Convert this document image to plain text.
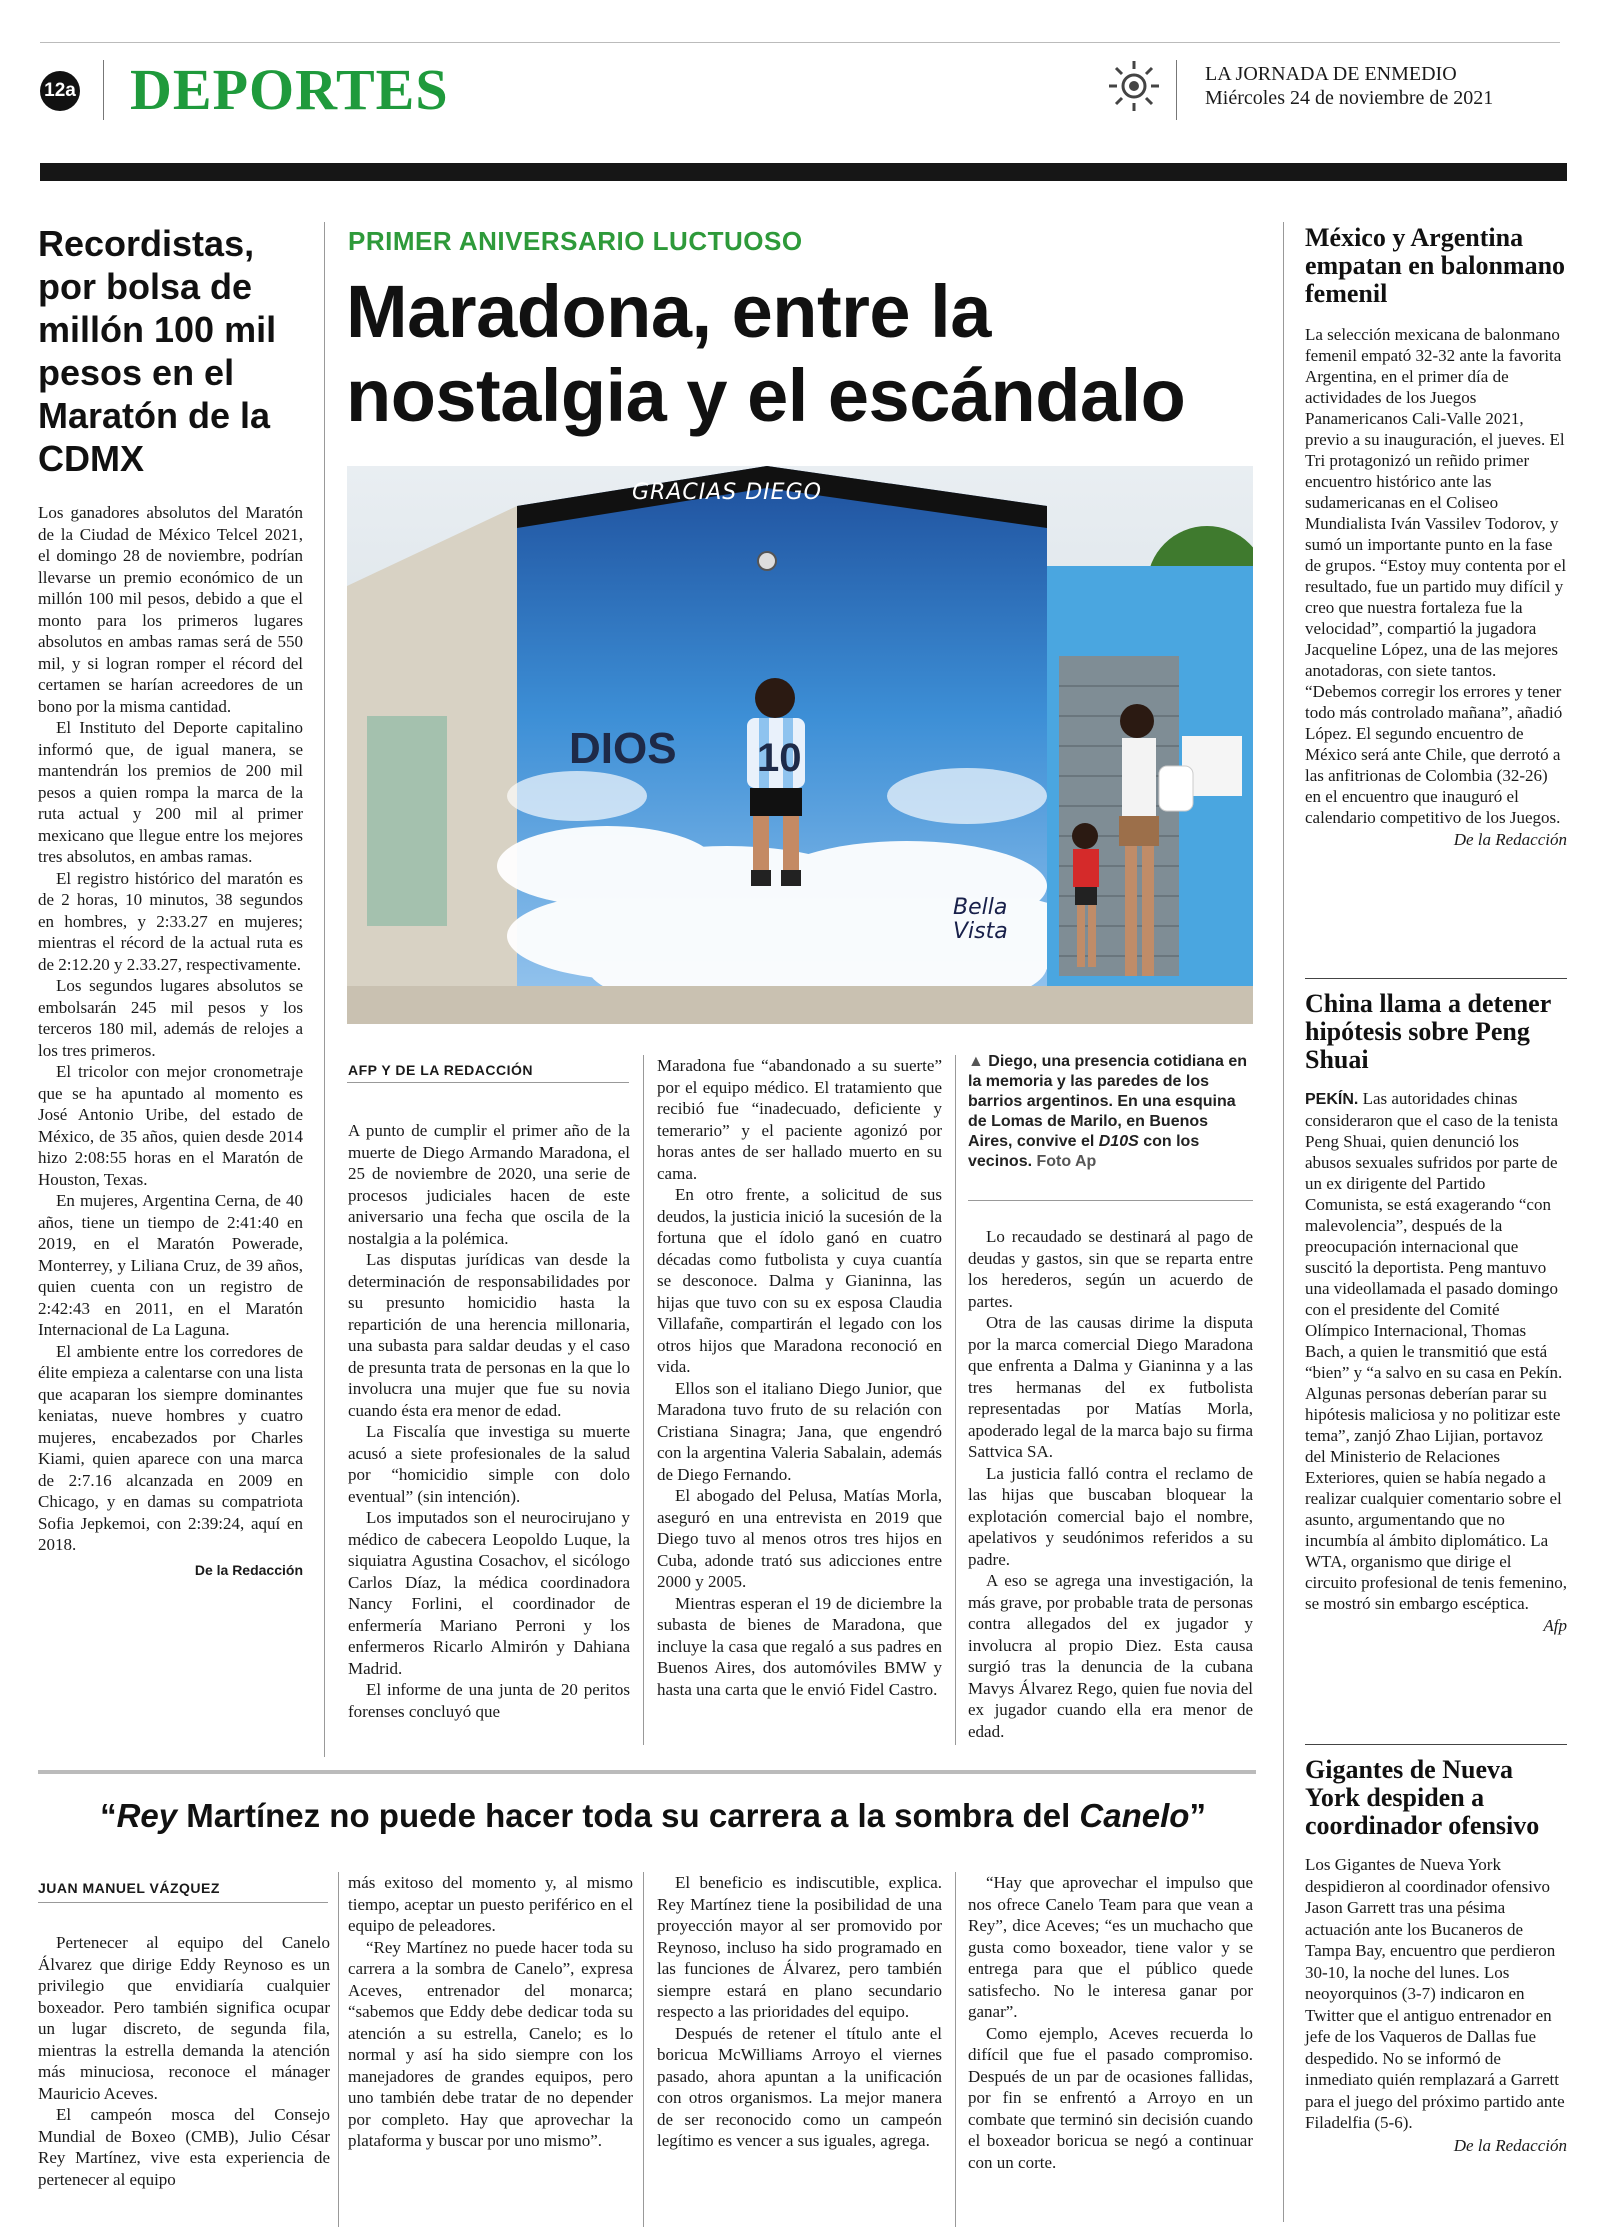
12a DEPORTES	LA JORNADA DE ENMEDIO
Miércoles 24 de noviembre de 2021
Recordistas, por bolsa de millón 100 mil pesos en el Maratón de la CDMX

Los ganadores absolutos del Maratón de la Ciudad de México Telcel 2021, el domingo 28 de noviembre, podrían llevarse un premio económico de un millón 100 mil pesos, debido a que el monto para los primeros lugares absolutos en ambas ramas será de 550 mil, y si logran romper el récord del certamen se harían acreedores de un bono por la misma cantidad.

El Instituto del Deporte capitalino informó que, de igual manera, se mantendrán los premios de 200 mil pesos a quien rompa la marca de la ruta actual y 200 mil al primer mexicano que llegue entre los mejores tres absolutos, en ambas ramas.

El registro histórico del maratón es de 2 horas, 10 minutos, 38 segundos en hombres, y 2:33.27 en mujeres; mientras el récord de la actual ruta es de 2:12.20 y 2.33.27, respectivamente.

Los segundos lugares absolutos se embolsarán 245 mil pesos y los terceros 180 mil, además de relojes a los tres primeros.

El tricolor con mejor cronometraje que se ha apuntado al momento es José Antonio Uribe, del estado de México, de 35 años, quien desde 2014 hizo 2:08:55 horas en el Maratón de Houston, Texas.

En mujeres, Argentina Cerna, de 40 años, tiene un tiempo de 2:41:40 en 2019, en el Maratón Powerade, Monterrey, y Liliana Cruz, de 39 años, quien cuenta con un registro de 2:42:43 en 2011, en el Maratón Internacional de La Laguna.

El ambiente entre los corredores de élite empieza a calentarse con una lista que acaparan los siempre dominantes keniatas, nueve hombres y cuatro mujeres, encabezados por Charles Kiami, quien aparece con una marca de 2:7.16 alcanzada en 2009 en Chicago, y en damas su compatriota Sofia Jepkemoi, con 2:39:24, aquí en 2018.

De la Redacción
PRIMER ANIVERSARIO LUCTUOSO
Maradona, entre la nostalgia y el escándalo
GRACIAS DIEGO
DIOS 10
Bella Vista
AFP Y DE LA REDACCIÓN

A punto de cumplir el primer año de la muerte de Diego Armando Maradona, el 25 de noviembre de 2020, una serie de procesos judiciales hacen de este aniversario una fecha que oscila de la nostalgia a la polémica.

Las disputas jurídicas van desde la determinación de responsabilidades por su presunto homicidio hasta la repartición de una herencia millonaria, una subasta para saldar deudas y el caso de presunta trata de personas en la que lo involucra una mujer que fue su novia cuando ésta era menor de edad.

La Fiscalía que investiga su muerte acusó a siete profesionales de la salud por “homicidio simple con dolo eventual” (sin intención).

Los imputados son el neurocirujano y médico de cabecera Leopoldo Luque, la siquiatra Agustina Cosachov, el sicólogo Carlos Díaz, la médica coordinadora Nancy Forlini, el coordinador de enfermería Mariano Perroni y los enfermeros Ricarlo Almirón y Dahiana Madrid.

El informe de una junta de 20 peritos forenses concluyó que

Maradona fue “abandonado a su suerte” por el equipo médico. El tratamiento que recibió fue “inadecuado, deficiente y temerario” y el paciente agonizó por horas antes de ser hallado muerto en su cama.

En otro frente, a solicitud de sus deudos, la justicia inició la sucesión de la fortuna que el ídolo ganó en cuatro décadas como futbolista y cuya cuantía se desconoce. Dalma y Gianinna, las hijas que tuvo con su ex esposa Claudia Villafañe, compartirán el legado con los otros hijos que Maradona reconoció en vida.

Ellos son el italiano Diego Junior, que Maradona tuvo fruto de su relación con Cristiana Sinagra; Jana, que engendró con la argentina Valeria Sabalain, además de Diego Fernando.

El abogado del Pelusa, Matías Morla, aseguró en una entrevista en 2019 que Diego tuvo al menos otros tres hijos en Cuba, adonde trató sus adicciones entre 2000 y 2005.

Mientras esperan el 19 de diciembre la subasta de bienes de Maradona, que incluye la casa que regaló a sus padres en Buenos Aires, dos automóviles BMW y hasta una carta que le envió Fidel Castro.

▲ Diego, una presencia cotidiana en la memoria y las paredes de los barrios argentinos. En una esquina de Lomas de Marilo, en Buenos Aires, convive el D10S con los vecinos. Foto Ap

Lo recaudado se destinará al pago de deudas y gastos, sin que se reparta entre los herederos, según un acuerdo de partes.

Otra de las causas dirime la disputa por la marca comercial Diego Maradona que enfrenta a Dalma y Gianinna y a las tres hermanas del ex futbolista representadas por Matías Morla, apoderado legal de la marca bajo su firma Sattvica SA.

La justicia falló contra el reclamo de las hijas que buscaban bloquear la explotación comercial bajo el nombre, apelativos y seudónimos referidos a su padre.

A eso se agrega una investigación, la más grave, por probable trata de personas contra allegados del ex jugador y involucra al propio Diez. Esta causa surgió tras la denuncia de la cubana Mavys Álvarez Rego, quien fue novia del ex jugador cuando ella era menor de edad.

México y Argentina empatan en balonmano femenil
La selección mexicana de balonmano femenil empató 32-32 ante la favorita Argentina, en el primer día de actividades de los Juegos Panamericanos Cali-Valle 2021, previo a su inauguración, el jueves. El Tri protagonizó un reñido primer encuentro histórico ante las sudamericanas en el Coliseo Mundialista Iván Vassilev Todorov, y sumó un importante punto en la fase de grupos. “Estoy muy contenta por el resultado, fue un partido muy difícil y creo que nuestra fortaleza fue la velocidad”, compartió la jugadora Jacqueline López, una de las mejores anotadoras, con siete tantos. “Debemos corregir los errores y tener todo más controlado mañana”, añadió López. El segundo encuentro de México será ante Chile, que derrotó a las anfitrionas de Colombia (32-26) en el encuentro que inauguró el calendario competitivo de los Juegos.
De la Redacción
China llama a detener hipótesis sobre Peng Shuai
PEKÍN. Las autoridades chinas consideraron que el caso de la tenista Peng Shuai, quien denunció los abusos sexuales sufridos por parte de un ex dirigente del Partido Comunista, se está exagerando “con malevolencia”, después de la preocupación internacional que suscitó la deportista. Peng mantuvo una videollamada el pasado domingo con el presidente del Comité Olímpico Internacional, Thomas Bach, a quien le transmitió que está “bien” y “a salvo en su casa en Pekín. Algunas personas deberían parar su hipótesis maliciosa y no politizar este tema”, zanjó Zhao Lijian, portavoz del Ministerio de Relaciones Exteriores, quien se había negado a realizar cualquier comentario sobre el asunto, argumentando que no incumbía al ámbito diplomático. La WTA, organismo que dirige el circuito profesional de tenis femenino, se mostró sin embargo escéptica.
Afp
Gigantes de Nueva York despiden a coordinador ofensivo
Los Gigantes de Nueva York despidieron al coordinador ofensivo Jason Garrett tras una pésima actuación ante los Bucaneros de Tampa Bay, encuentro que perdieron 30-10, la noche del lunes. Los neoyorquinos (3-7) indicaron en Twitter que el antiguo entrenador en jefe de los Vaqueros de Dallas fue despedido. No se informó de inmediato quién remplazará a Garrett para el juego del próximo partido ante Filadelfia (5-6).
De la Redacción
“Rey Martínez no puede hacer toda su carrera a la sombra del Canelo”
JUAN MANUEL VÁZQUEZ

Pertenecer al equipo del Canelo Álvarez que dirige Eddy Reynoso es un privilegio que envidiaría cualquier boxeador. Pero también significa ocupar un lugar discreto, de segunda fila, mientras la estrella demanda la atención más minuciosa, reconoce el mánager Mauricio Aceves.

El campeón mosca del Consejo Mundial de Boxeo (CMB), Julio César Rey Martínez, vive esta experiencia de pertenecer al equipo

más exitoso del momento y, al mismo tiempo, aceptar un puesto periférico en el equipo de peleadores.

“Rey Martínez no puede hacer toda su carrera a la sombra de Canelo”, expresa Aceves, entrenador del monarca; “sabemos que Eddy debe dedicar toda su atención a su estrella, Canelo; es lo normal y así ha sido siempre con los manejadores de grandes equipos, pero uno también debe tratar de no depender por completo. Hay que aprovechar la plataforma y buscar por uno mismo”.

El beneficio es indiscutible, explica. Rey Martínez tiene la posibilidad de una proyección mayor al ser promovido por Reynoso, incluso ha sido programado en las funciones de Álvarez, pero también siempre estará en plano secundario respecto a las prioridades del equipo.

Después de retener el título ante el boricua McWilliams Arroyo el viernes pasado, ahora apuntan a la unificación con otros organismos. La mejor manera de ser reconocido como un campeón legítimo es vencer a sus iguales, agrega.

“Hay que aprovechar el impulso que nos ofrece Canelo Team para que vean a Rey”, dice Aceves; “es un muchacho que gusta como boxeador, tiene valor y se entrega para que el público quede satisfecho. No le interesa ganar por ganar”.

Como ejemplo, Aceves recuerda lo difícil que fue el pasado compromiso. Después de un par de ocasiones fallidas, por fin se enfrentó a Arroyo en un combate que terminó sin decisión cuando el boxeador boricua se negó a continuar con un corte.
